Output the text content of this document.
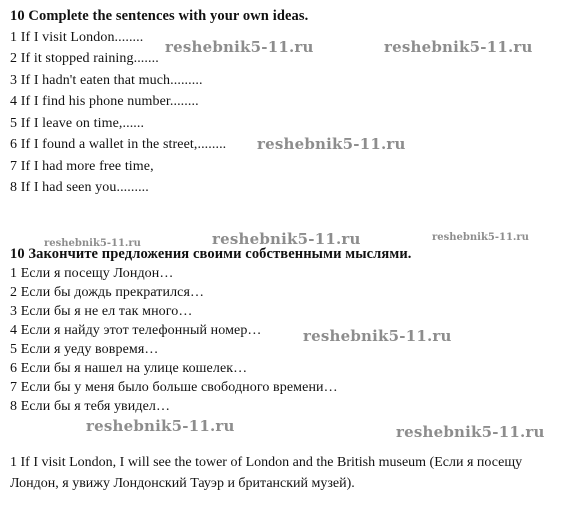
10 Complete the sentences with your own ideas.
1 If I visit London........
2 If it stopped raining.......
3 If I hadn't eaten that much.........
4 If I find his phone number........
5 If I leave on time,......
6 If I found a wallet in the street,........
7 If I had more free time,
8 If I had seen you.........
10 Закончите предложения своими собственными мыслями.
1 Если я посещу Лондон…
2 Если бы дождь прекратился…
3 Если бы я не ел так много…
4 Если я найду этот телефонный номер…
5 Если я уеду вовремя…
6 Если бы я нашел на улице кошелек…
7 Если бы у меня было больше свободного времени…
8 Если бы я тебя увидел…
1 If I visit London, I will see the tower of London and the British museum (Если я посещу Лондон, я увижу Лондонский Тауэр и британский музей).
reshebnik5-11.ru	reshebnik5-11.ru
reshebnik5-11.ru
reshebnik5-11.ru	reshebnik5-11.ru	reshebnik5-11.ru
reshebnik5-11.ru
reshebnik5-11.ru	reshebnik5-11.ru
